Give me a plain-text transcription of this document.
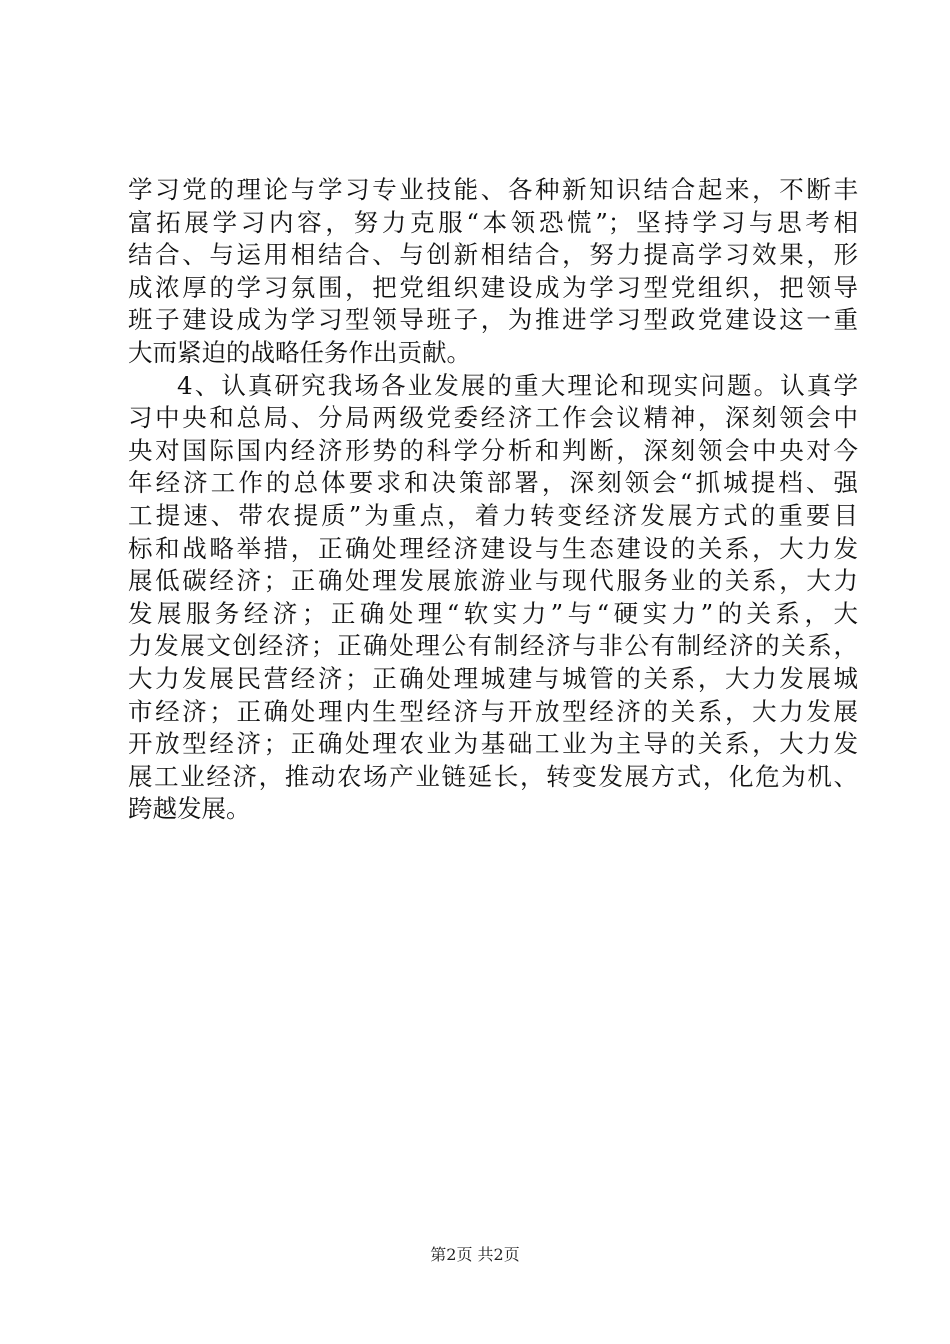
学习党的理论与学习专业技能、各种新知识结合起来，不断丰
富拓展学习内容，努力克服“本领恐慌”；坚持学习与思考相
结合、与运用相结合、与创新相结合，努力提高学习效果，形
成浓厚的学习氛围，把党组织建设成为学习型党组织，把领导
班子建设成为学习型领导班子，为推进学习型政党建设这一重
大而紧迫的战略任务作出贡献。
4、认真研究我场各业发展的重大理论和现实问题。认真学
习中央和总局、分局两级党委经济工作会议精神，深刻领会中
央对国际国内经济形势的科学分析和判断，深刻领会中央对今
年经济工作的总体要求和决策部署，深刻领会“抓城提档、强
工提速、带农提质”为重点，着力转变经济发展方式的重要目
标和战略举措，正确处理经济建设与生态建设的关系，大力发
展低碳经济；正确处理发展旅游业与现代服务业的关系，大力
发展服务经济；正确处理“软实力”与“硬实力”的关系，大
力发展文创经济；正确处理公有制经济与非公有制经济的关系，
大力发展民营经济；正确处理城建与城管的关系，大力发展城
市经济；正确处理内生型经济与开放型经济的关系，大力发展
开放型经济；正确处理农业为基础工业为主导的关系，大力发
展工业经济，推动农场产业链延长，转变发展方式，化危为机、
跨越发展。
第2页 共2页
